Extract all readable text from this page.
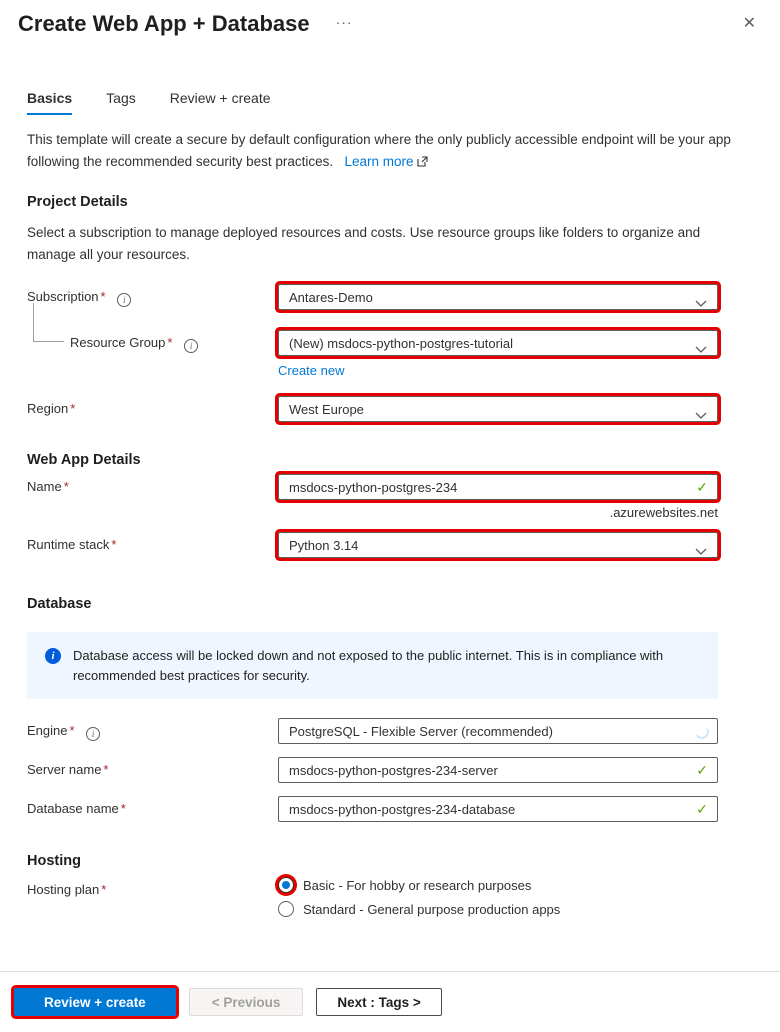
Create Web App + Database ···	✕
Basics Tags Review + create
This template will create a secure by default configuration where the only publicly accessible endpoint will be your app following the recommended security best practices. Learn more
Project Details
Select a subscription to manage deployed resources and costs. Use resource groups like folders to organize and manage all your resources.
Subscription * i	Antares-Demo
Resource Group * i	(New) msdocs-python-postgres-tutorial
Create new
Region *	West Europe
Web App Details
Name *
msdocs-python-postgres-234	✓
.azurewebsites.net
Runtime stack *	Python 3.14
Database
i	Database access will be locked down and not exposed to the public internet. This is in compliance with recommended best practices for security.
Engine * i	PostgreSQL - Flexible Server (recommended)
Server name *
msdocs-python-postgres-234-server	✓
Database name *
msdocs-python-postgres-234-database	✓
Hosting
Hosting plan *	Basic - For hobby or research purposes
Standard - General purpose production apps
Review + create	< Previous	Next : Tags >
